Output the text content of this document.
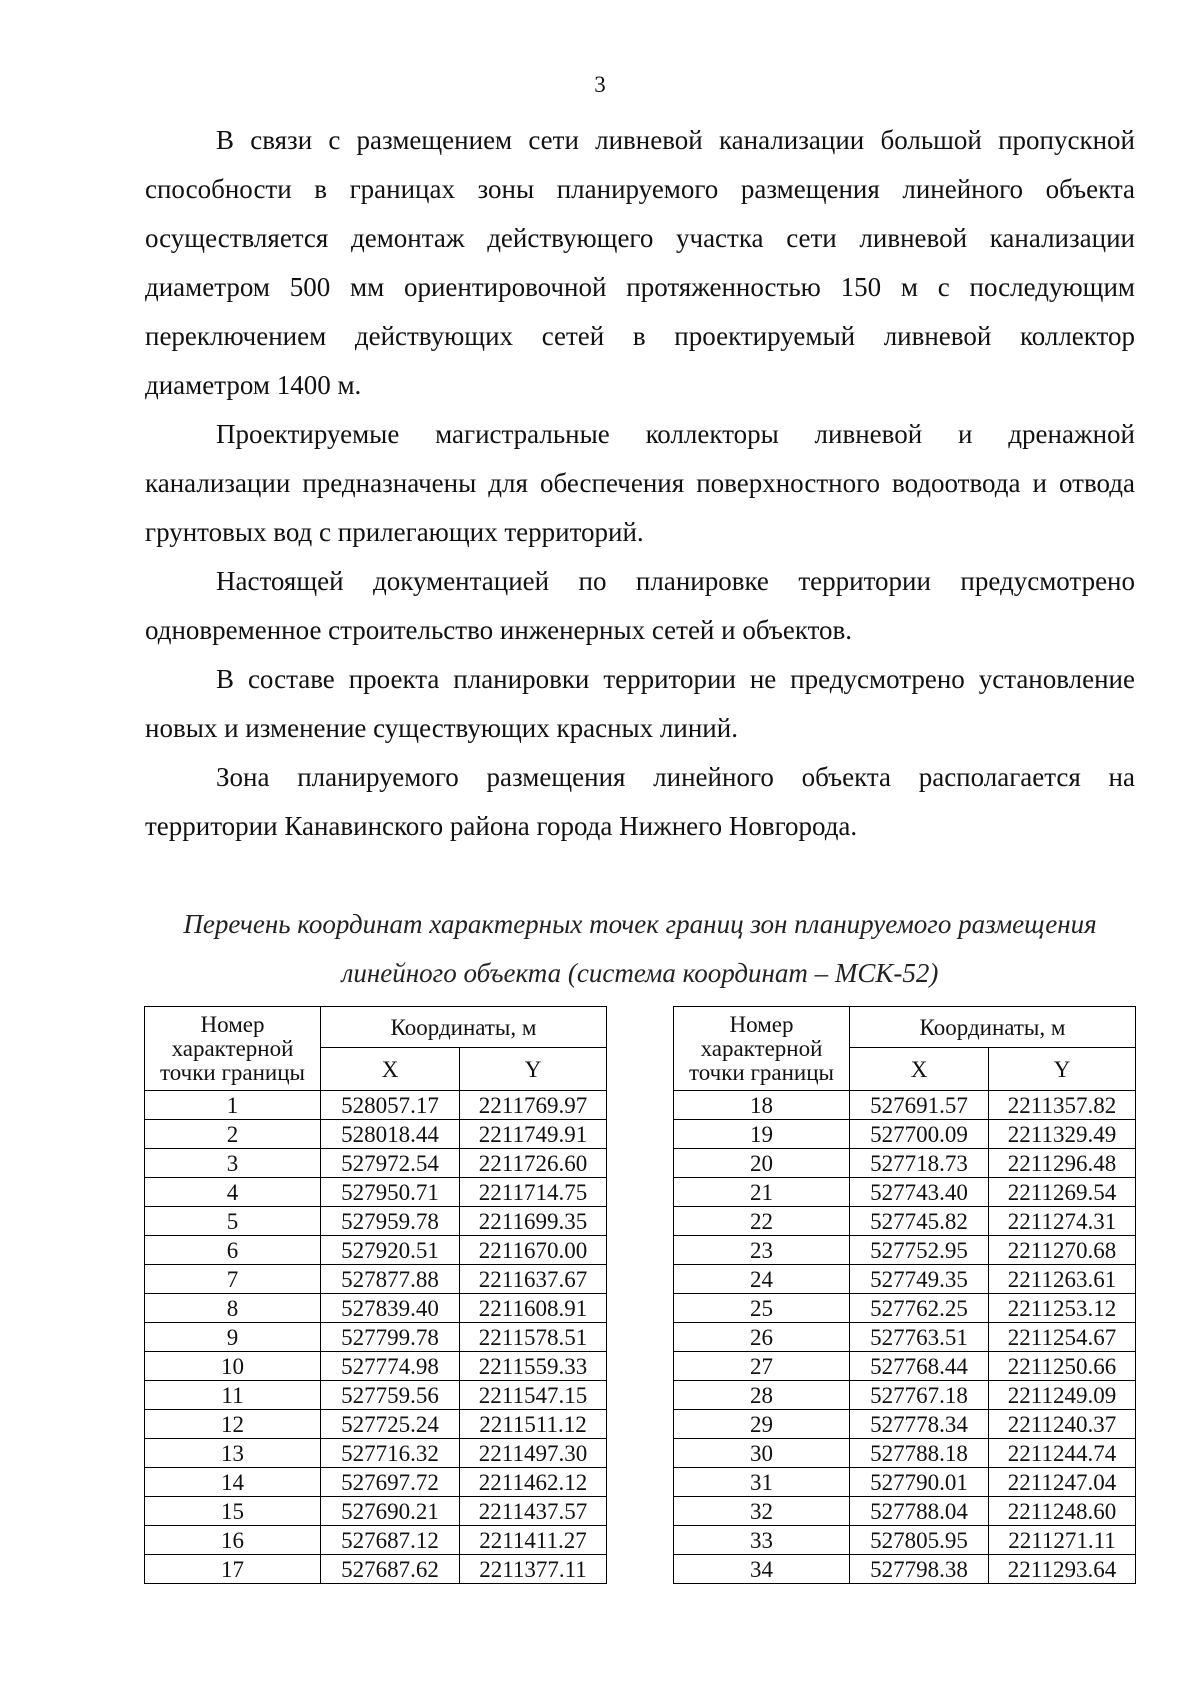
3

В связи с размещением сети ливневой канализации большой пропускной способности в границах зоны планируемого размещения линейного объекта осуществляется демонтаж действующего участка сети ливневой канализации диаметром 500 мм ориентировочной протяженностью 150 м с последующим переключением действующих сетей в проектируемый ливневой коллектор диаметром 1400 м.

Проектируемые магистральные коллекторы ливневой и дренажной канализации предназначены для обеспечения поверхностного водоотвода и отвода грунтовых вод с прилегающих территорий.

Настоящей документацией по планировке территории предусмотрено одновременное строительство инженерных сетей и объектов.

В составе проекта планировки территории не предусмотрено установление новых и изменение существующих красных линий.

Зона планируемого размещения линейного объекта располагается на территории Канавинского района города Нижнего Новгорода.

Перечень координат характерных точек границ зон планируемого размещения
линейного объекта (система координат – МСК-52)
Номер характерной точки границы	Координаты, м	
	X	Y
1	528057.17	2211769.97
2	528018.44	2211749.91
3	527972.54	2211726.60
4	527950.71	2211714.75
5	527959.78	2211699.35
6	527920.51	2211670.00
7	527877.88	2211637.67
8	527839.40	2211608.91
9	527799.78	2211578.51
10	527774.98	2211559.33
11	527759.56	2211547.15
12	527725.24	2211511.12
13	527716.32	2211497.30
14	527697.72	2211462.12
15	527690.21	2211437.57
16	527687.12	2211411.27
17	527687.62	2211377.11
Номер характерной точки границы	Координаты, м	
	X	Y
18	527691.57	2211357.82
19	527700.09	2211329.49
20	527718.73	2211296.48
21	527743.40	2211269.54
22	527745.82	2211274.31
23	527752.95	2211270.68
24	527749.35	2211263.61
25	527762.25	2211253.12
26	527763.51	2211254.67
27	527768.44	2211250.66
28	527767.18	2211249.09
29	527778.34	2211240.37
30	527788.18	2211244.74
31	527790.01	2211247.04
32	527788.04	2211248.60
33	527805.95	2211271.11
34	527798.38	2211293.64
